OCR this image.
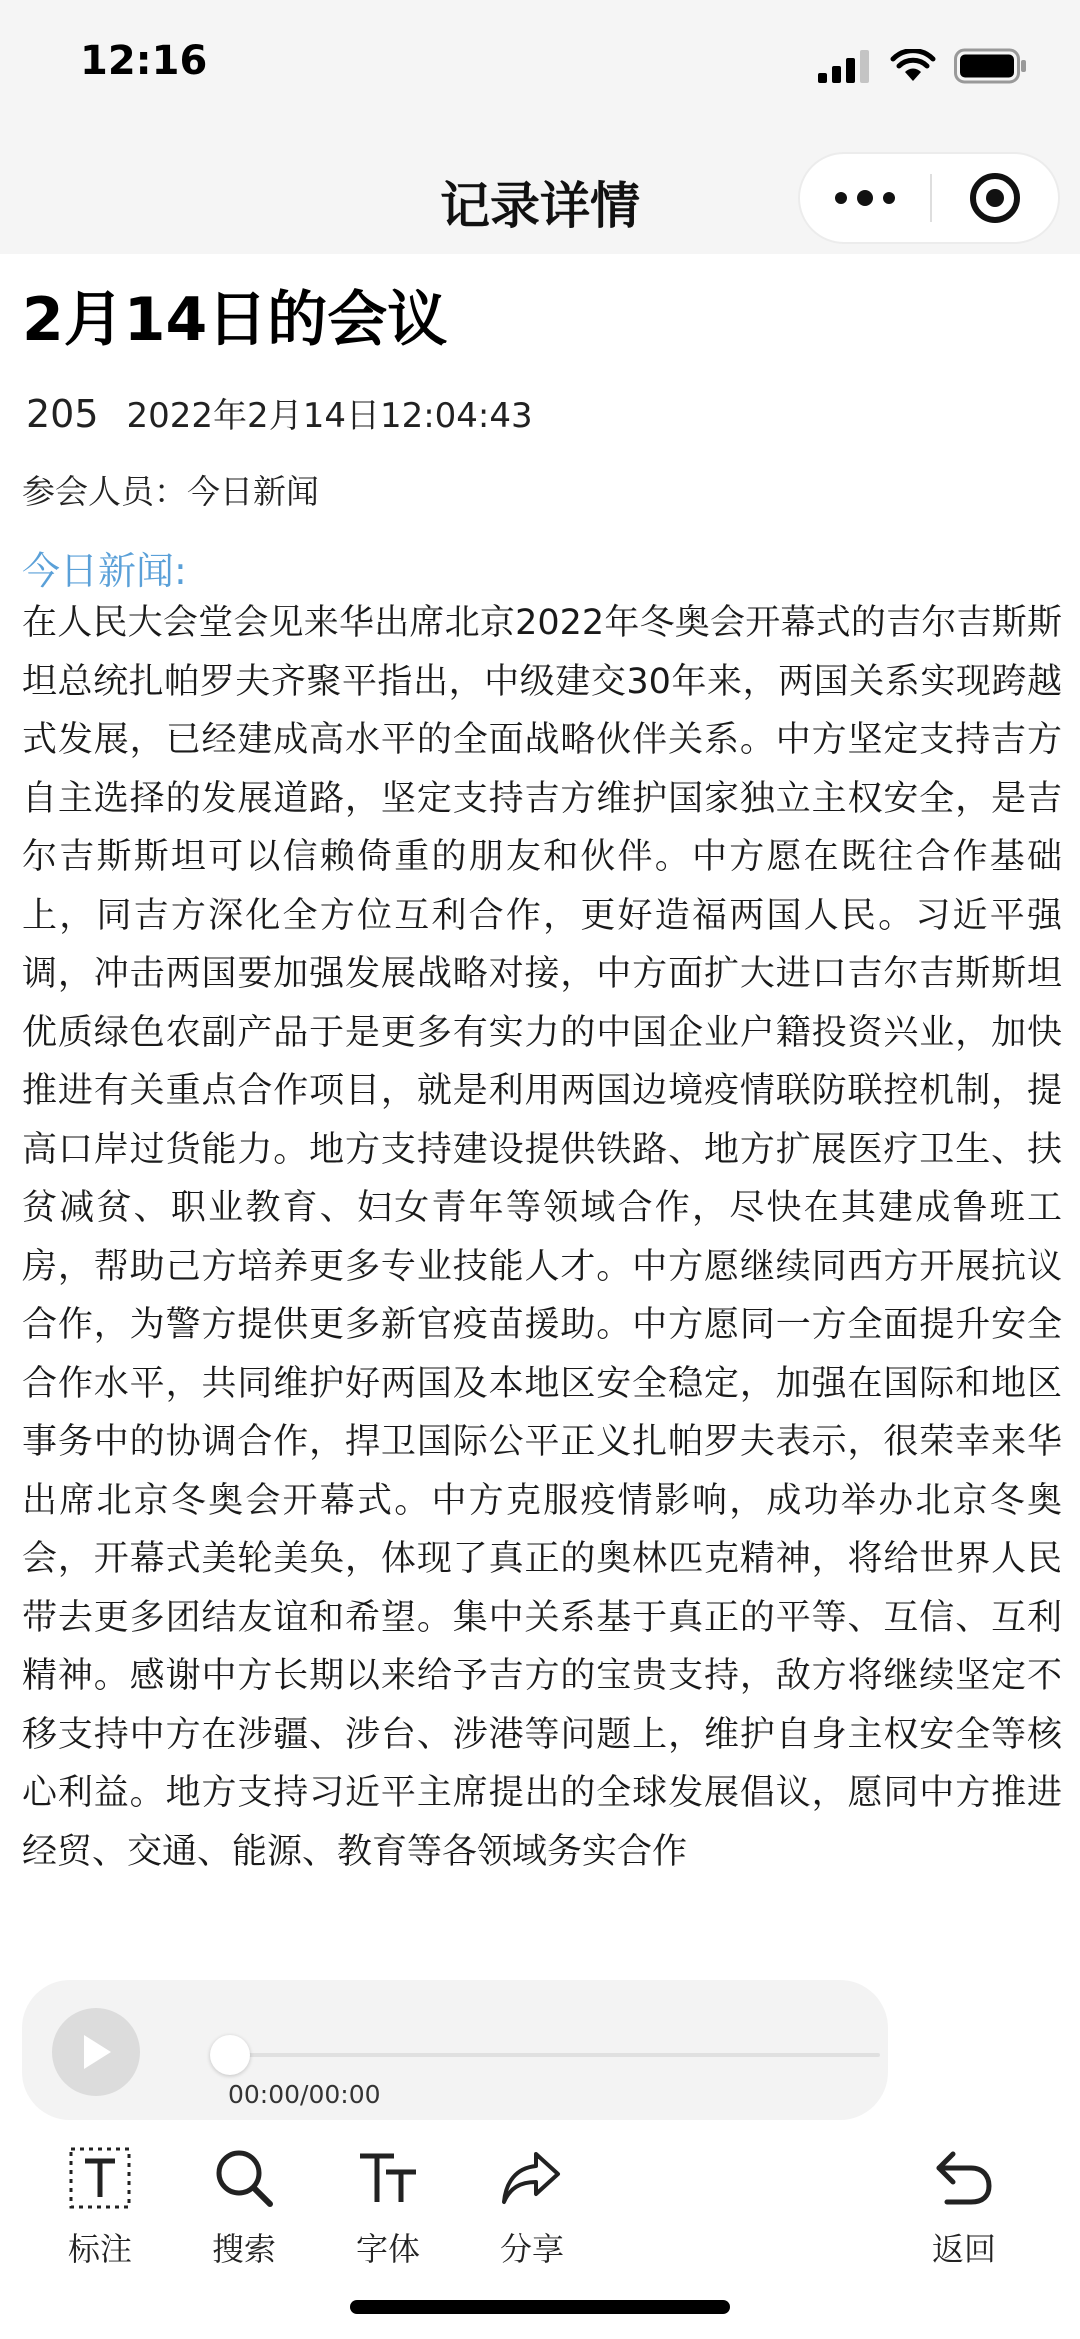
12:16
记录详情
2月14日的会议
205 2022年2月14日12:04:43
参会人员：今日新闻
今日新闻:
在人民大会堂会见来华出席北京2022年冬奥会开幕式的吉尔吉斯斯坦总统扎帕罗夫齐聚平指出，中级建交30年来，两国关系实现跨越式发展，已经建成高水平的全面战略伙伴关系。中方坚定支持吉方自主选择的发展道路，坚定支持吉方维护国家独立主权安全，是吉尔吉斯斯坦可以信赖倚重的朋友和伙伴。中方愿在既往合作基础上，同吉方深化全方位互利合作，更好造福两国人民。习近平强调，冲击两国要加强发展战略对接，中方面扩大进口吉尔吉斯斯坦优质绿色农副产品于是更多有实力的中国企业户籍投资兴业，加快推进有关重点合作项目，就是利用两国边境疫情联防联控机制，提高口岸过货能力。地方支持建设提供铁路、地方扩展医疗卫生、扶贫减贫、职业教育、妇女青年等领域合作，尽快在其建成鲁班工房，帮助己方培养更多专业技能人才。中方愿继续同西方开展抗议合作，为警方提供更多新官疫苗援助。中方愿同一方全面提升安全合作水平，共同维护好两国及本地区安全稳定，加强在国际和地区事务中的协调合作，捍卫国际公平正义扎帕罗夫表示，很荣幸来华出席北京冬奥会开幕式。中方克服疫情影响，成功举办北京冬奥会，开幕式美轮美奂，体现了真正的奥林匹克精神，将给世界人民带去更多团结友谊和希望。集中关系基于真正的平等、互信、互利精神。感谢中方长期以来给予吉方的宝贵支持，敌方将继续坚定不移支持中方在涉疆、涉台、涉港等问题上，维护自身主权安全等核心利益。地方支持习近平主席提出的全球发展倡议，愿同中方推进经贸、交通、能源、教育等各领域务实合作
00:00/00:00
标注	搜索	字体	分享	返回
